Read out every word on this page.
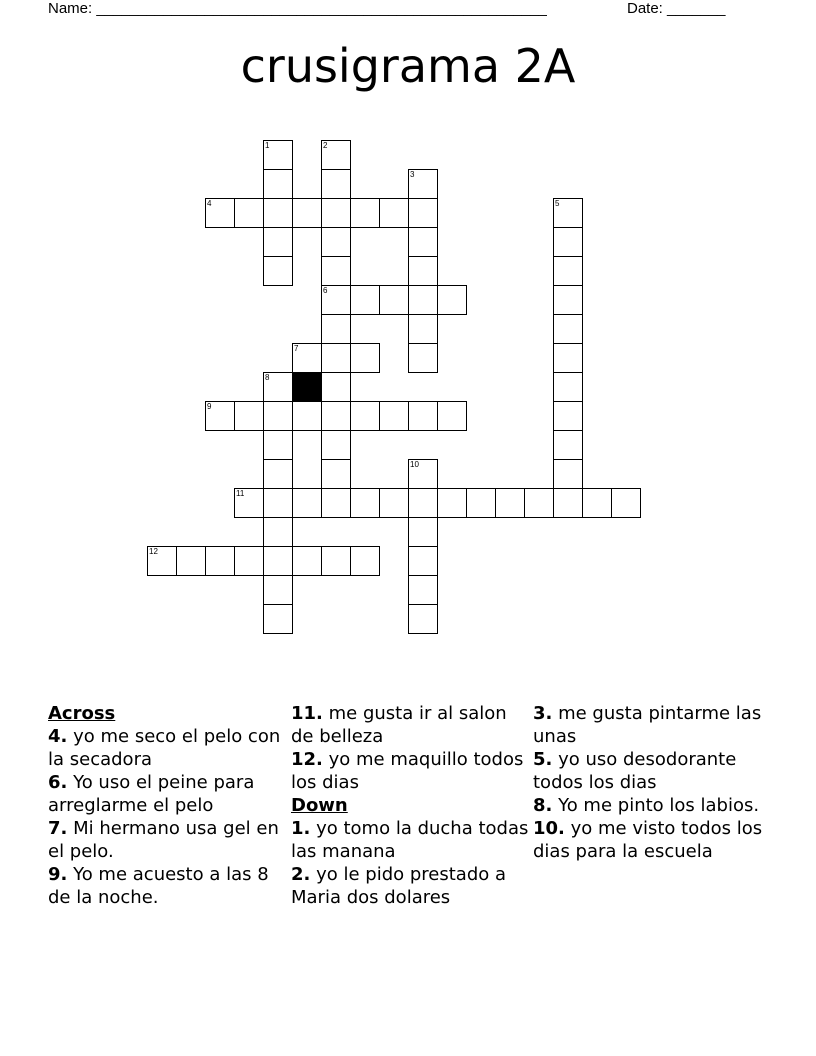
Name: ______________________________________________________	Date: _______
crusigrama 2A
1	2
3
4	5
6
7
8
9
10
11
12
Across
4. yo me seco el pelo con la secadora
6. Yo uso el peine para arreglarme el pelo
7. Mi hermano usa gel en el pelo.
9. Yo me acuesto a las 8 de la noche.
11. me gusta ir al salon de belleza
12. yo me maquillo todos los dias
Down
1. yo tomo la ducha todas las manana
2. yo le pido prestado a Maria dos dolares
3. me gusta pintarme las unas
5. yo uso desodorante todos los dias
8. Yo me pinto los labios.
10. yo me visto todos los dias para la escuela
